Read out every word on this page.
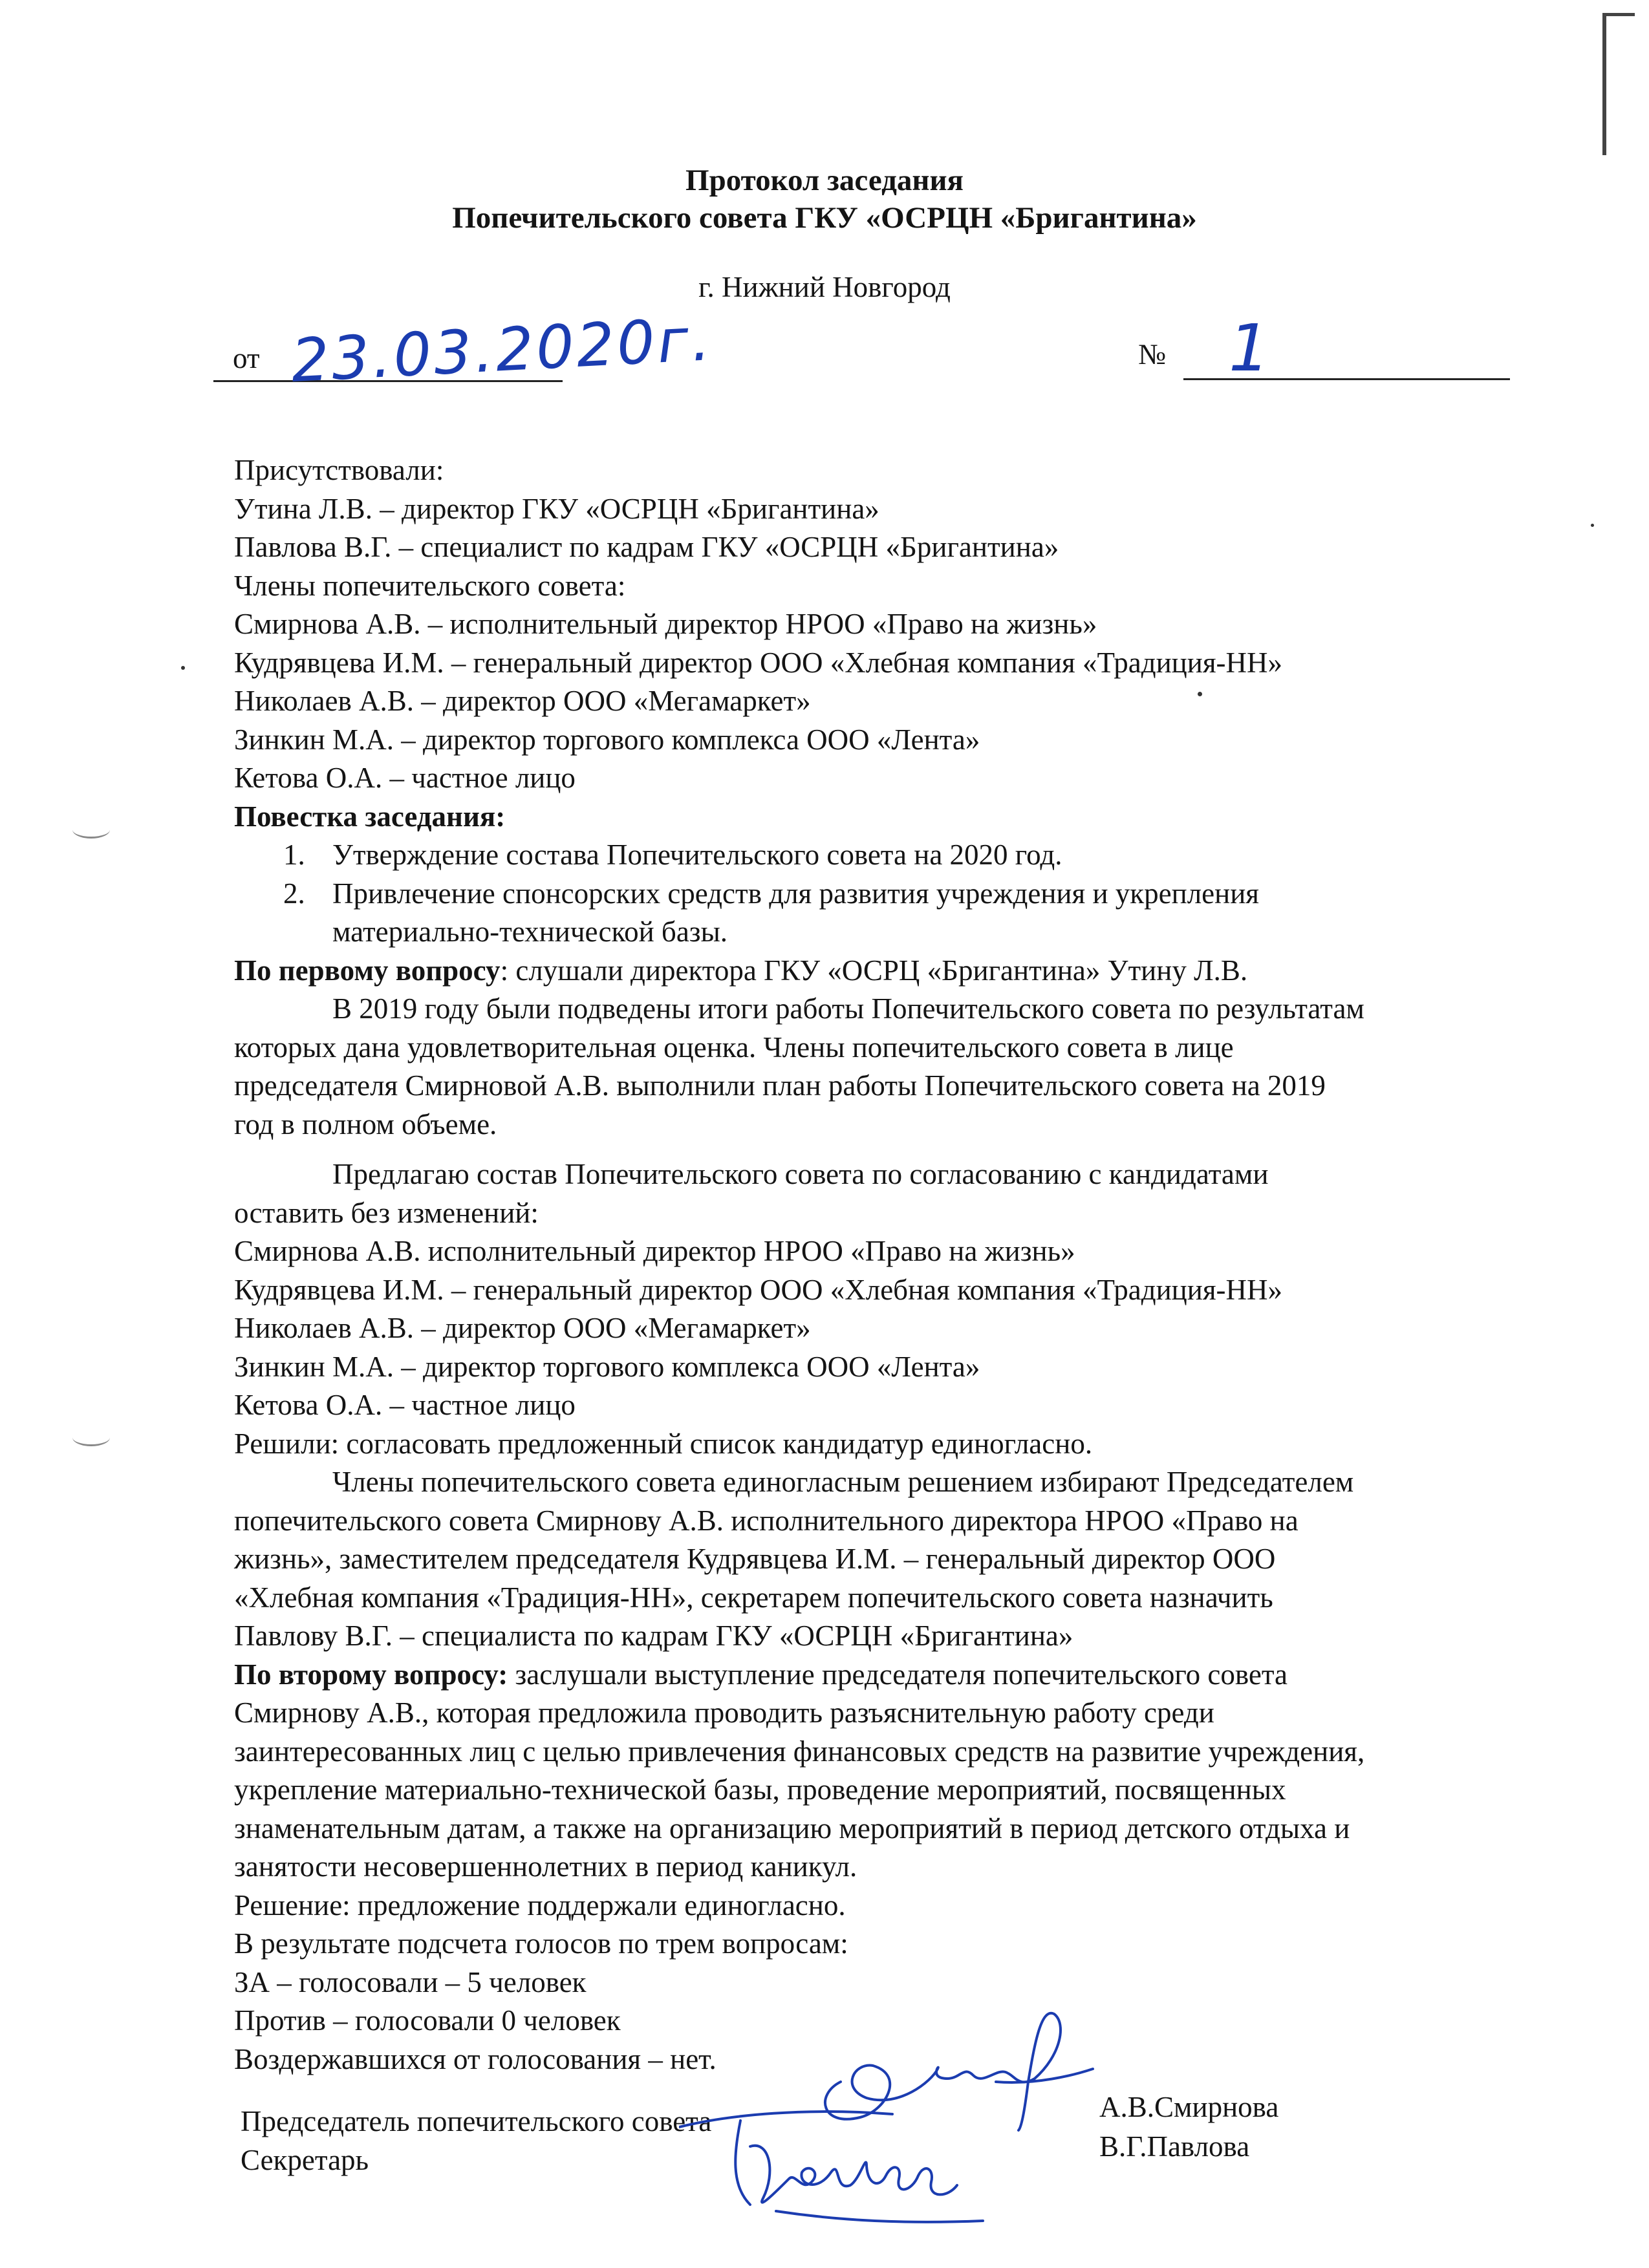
Протокол заседания
Попечительского совета ГКУ «ОСРЦН «Бригантина»
г. Нижний Новгород
от 23.03.2020г.	№ 1
Присутствовали:
Утина Л.В. – директор ГКУ «ОСРЦН «Бригантина»
Павлова В.Г. – специалист по кадрам ГКУ «ОСРЦН «Бригантина»
Члены попечительского совета:
Смирнова А.В. – исполнительный директор НРОО «Право на жизнь»
Кудрявцева И.М. – генеральный директор ООО «Хлебная компания «Традиция-НН»
Николаев А.В. – директор ООО «Мегамаркет»
Зинкин М.А. – директор торгового комплекса ООО «Лента»
Кетова О.А. – частное лицо
Повестка заседания:
1. Утверждение состава Попечительского совета на 2020 год.
2. Привлечение спонсорских средств для развития учреждения и укрепления
материально-технической базы.
По первому вопросу: слушали директора ГКУ «ОСРЦ «Бригантина» Утину Л.В.
В 2019 году были подведены итоги работы Попечительского совета по результатам
которых дана удовлетворительная оценка. Члены попечительского совета в лице
председателя Смирновой А.В. выполнили план работы Попечительского совета на 2019
год в полном объеме.
Предлагаю состав Попечительского совета по согласованию с кандидатами
оставить без изменений:
Смирнова А.В. исполнительный директор НРОО «Право на жизнь»
Кудрявцева И.М. – генеральный директор ООО «Хлебная компания «Традиция-НН»
Николаев А.В. – директор ООО «Мегамаркет»
Зинкин М.А. – директор торгового комплекса ООО «Лента»
Кетова О.А. – частное лицо
Решили: согласовать предложенный список кандидатур единогласно.
Члены попечительского совета единогласным решением избирают Председателем
попечительского совета Смирнову А.В. исполнительного директора НРОО «Право на
жизнь», заместителем председателя Кудрявцева И.М. – генеральный директор ООО
«Хлебная компания «Традиция-НН», секретарем попечительского совета назначить
Павлову В.Г. – специалиста по кадрам ГКУ «ОСРЦН «Бригантина»
По второму вопросу: заслушали выступление председателя попечительского совета
Смирнову А.В., которая предложила проводить разъяснительную работу среди
заинтересованных лиц с целью привлечения финансовых средств на развитие учреждения,
укрепление материально-технической базы, проведение мероприятий, посвященных
знаменательным датам, а также на организацию мероприятий в период детского отдыха и
занятости несовершеннолетних в период каникул.
Решение: предложение поддержали единогласно.
В результате подсчета голосов по трем вопросам:
ЗА – голосовали – 5 человек
Против – голосовали 0 человек
Воздержавшихся от голосования – нет.
Председатель попечительского совета	А.В.Смирнова
Секретарь	В.Г.Павлова
